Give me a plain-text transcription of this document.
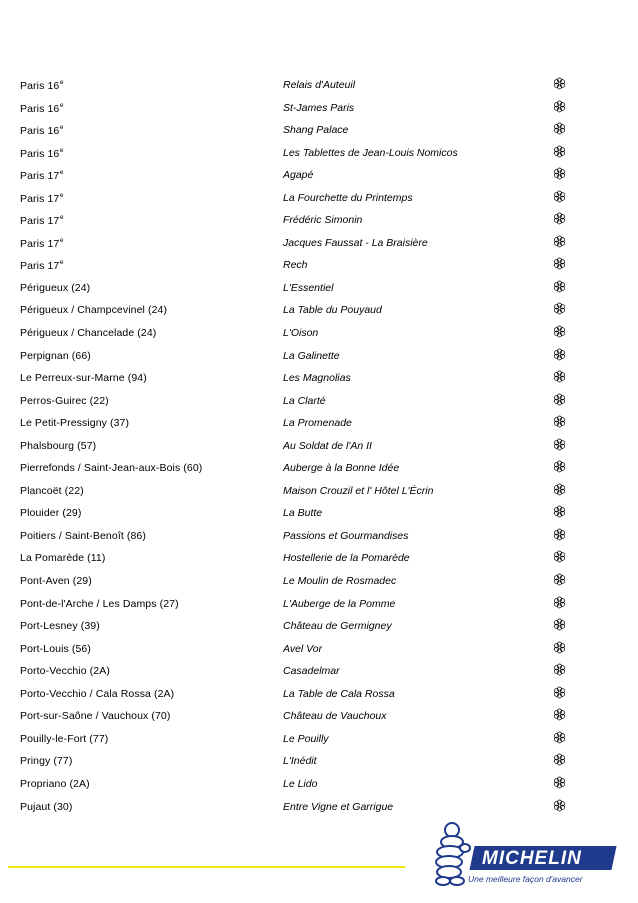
Paris 16e	Relais d'Auteuil
Paris 16e	St-James Paris
Paris 16e	Shang Palace
Paris 16e	Les Tablettes de Jean-Louis Nomicos
Paris 17e	Agapé
Paris 17e	La Fourchette du Printemps
Paris 17e	Frédéric Simonin
Paris 17e	Jacques Faussat - La Braisière
Paris 17e	Rech
Périgueux (24)	L'Essentiel
Périgueux / Champcevinel (24)	La Table du Pouyaud
Périgueux / Chancelade (24)	L'Oison
Perpignan (66)	La Galinette
Le Perreux-sur-Marne (94)	Les Magnolias
Perros-Guirec (22)	La Clarté
Le Petit-Pressigny (37)	La Promenade
Phalsbourg (57)	Au Soldat de l'An II
Pierrefonds / Saint-Jean-aux-Bois (60)	Auberge à la Bonne Idée
Plancoët (22)	Maison Crouzil et l' Hôtel L'Écrin
Plouider (29)	La Butte
Poitiers / Saint-Benoît (86)	Passions et Gourmandises
La Pomarède (11)	Hostellerie de la Pomarède
Pont-Aven (29)	Le Moulin de Rosmadec
Pont-de-l'Arche / Les Damps (27)	L'Auberge de la Pomme
Port-Lesney (39)	Château de Germigney
Port-Louis (56)	Avel Vor
Porto-Vecchio (2A)	Casadelmar
Porto-Vecchio / Cala Rossa (2A)	La Table de Cala Rossa
Port-sur-Saône / Vauchoux (70)	Château de Vauchoux
Pouilly-le-Fort (77)	Le Pouilly
Pringy (77)	L'Inédit
Propriano (2A)	Le Lido
Pujaut (30)	Entre Vigne et Garrigue
MICHELIN
Une meilleure façon d'avancer
